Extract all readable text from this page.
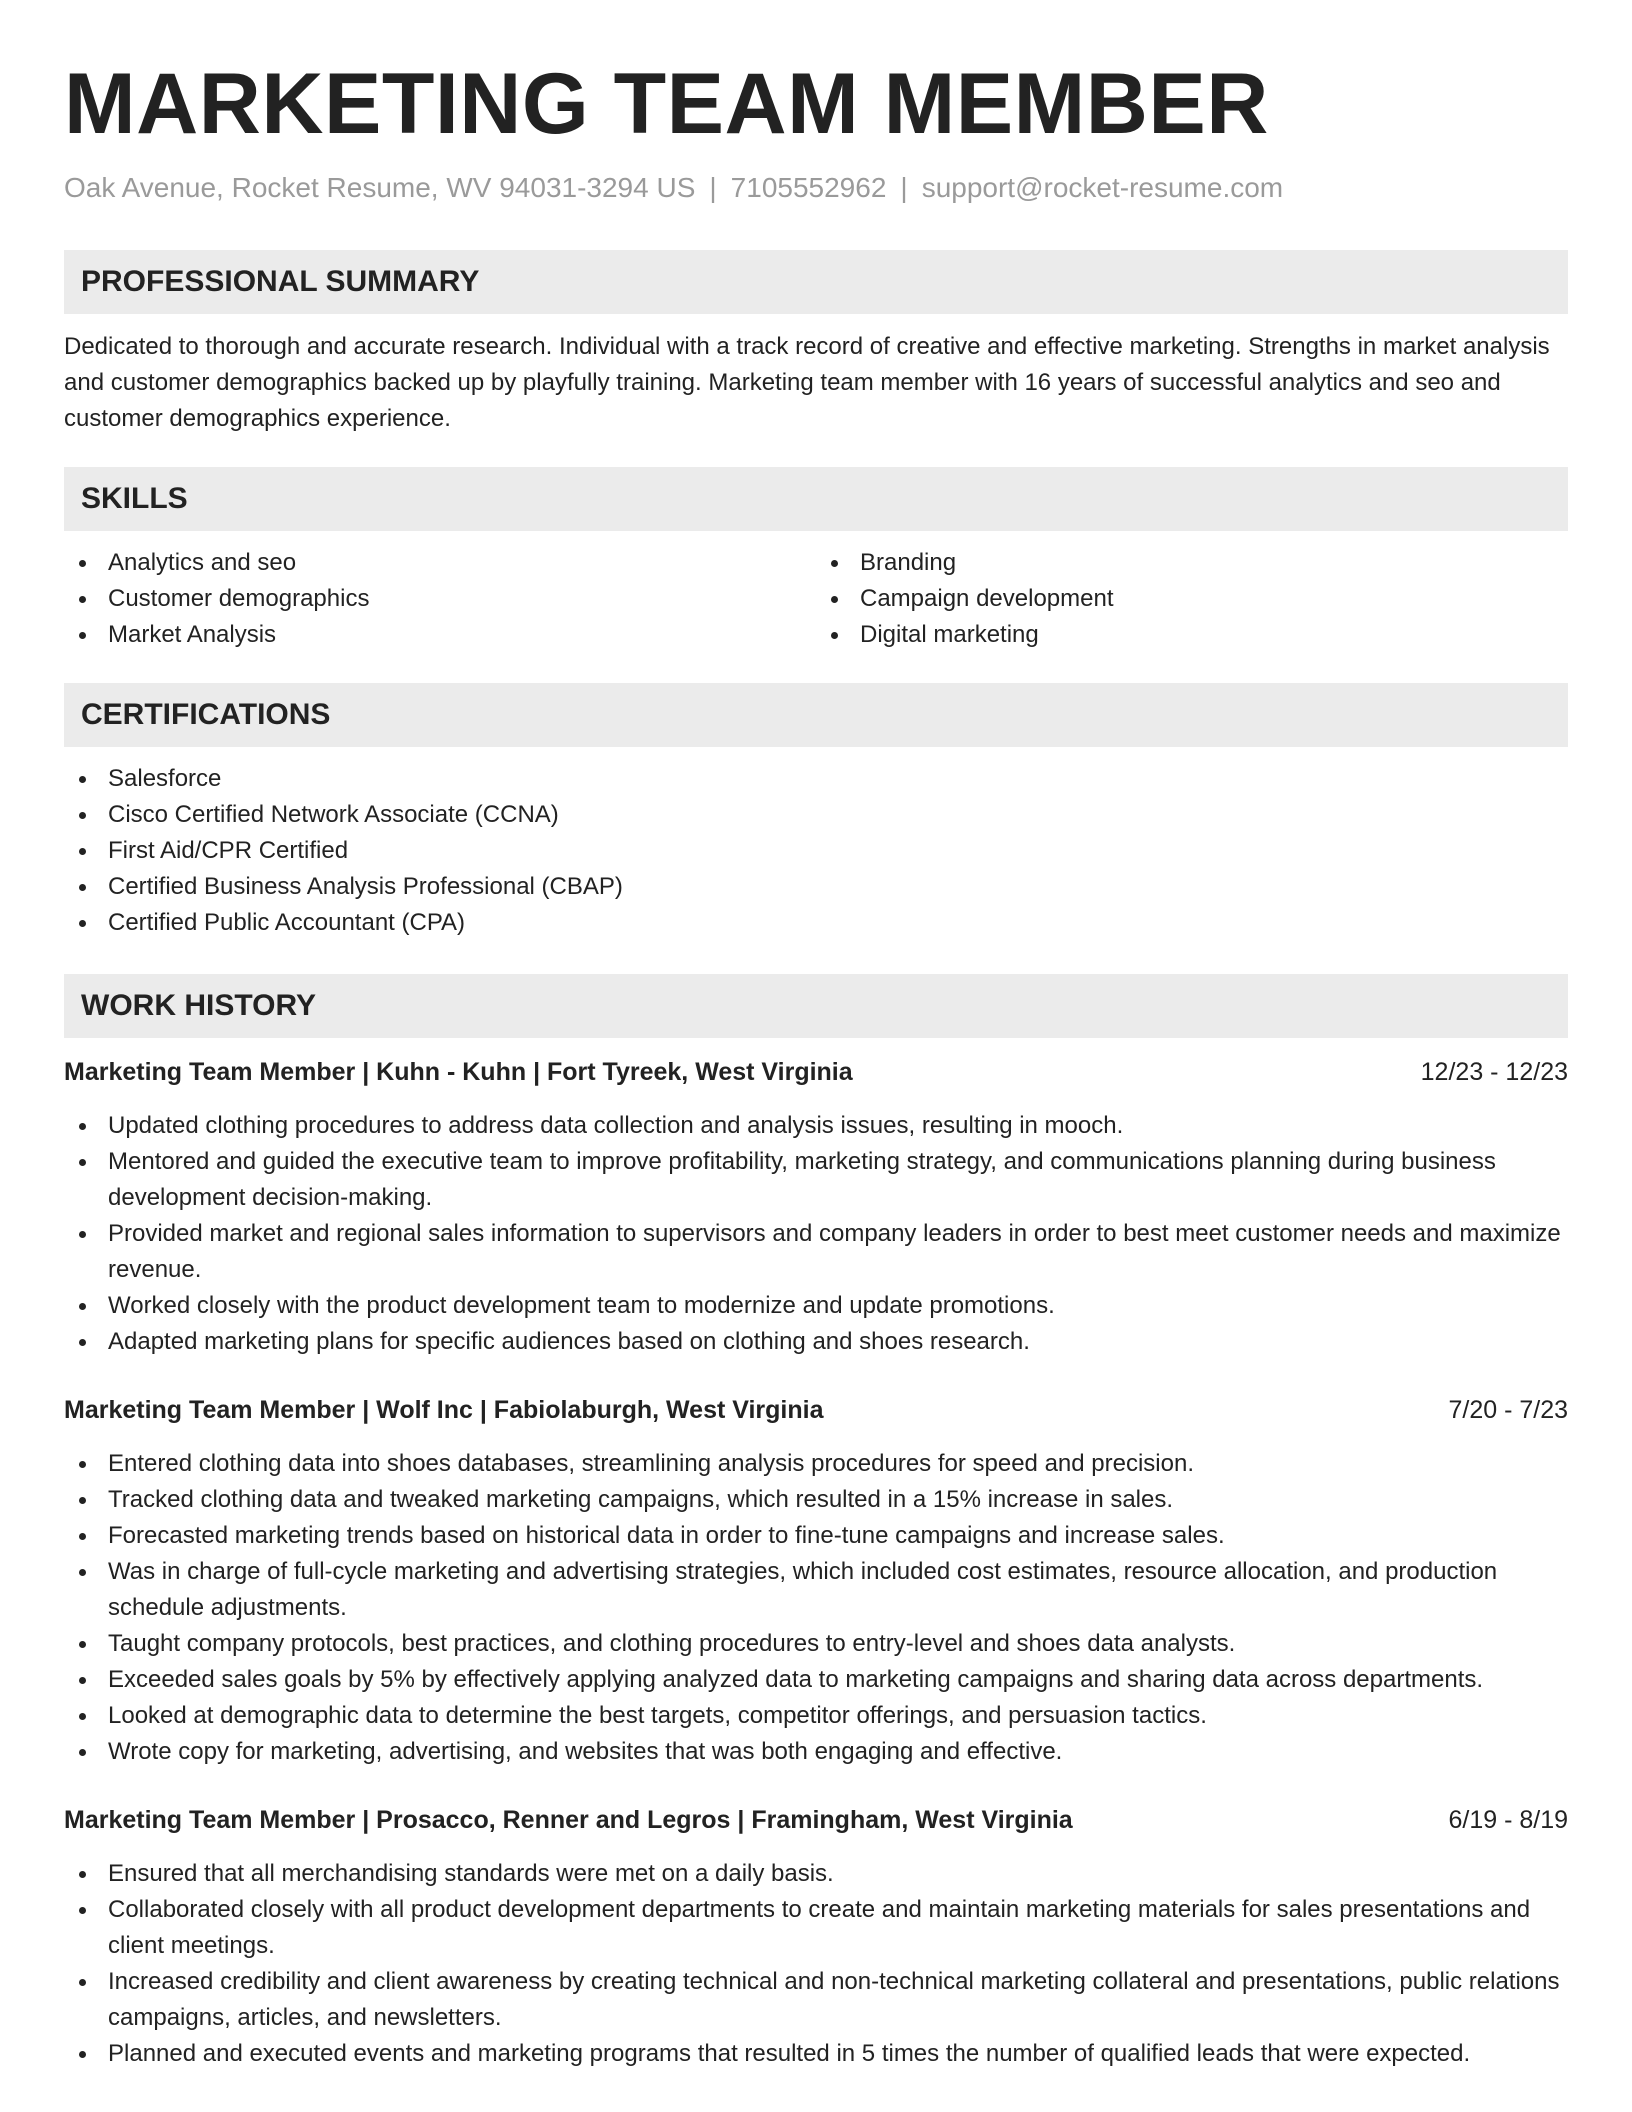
MARKETING TEAM MEMBER
Oak Avenue, Rocket Resume, WV 94031-3294 US | 7105552962 | support@rocket-resume.com
PROFESSIONAL SUMMARY

Dedicated to thorough and accurate research. Individual with a track record of creative and effective marketing. Strengths in market analysis and customer demographics backed up by playfully training. Marketing team member with 16 years of successful analytics and seo and customer demographics experience.

SKILLS
Analytics and seo
Customer demographics
Market Analysis
Branding
Campaign development
Digital marketing
CERTIFICATIONS
Salesforce
Cisco Certified Network Associate (CCNA)
First Aid/CPR Certified
Certified Business Analysis Professional (CBAP)
Certified Public Accountant (CPA)
WORK HISTORY
Marketing Team Member | Kuhn - Kuhn | Fort Tyreek, West Virginia	12/23 - 12/23
Updated clothing procedures to address data collection and analysis issues, resulting in mooch.
Mentored and guided the executive team to improve profitability, marketing strategy, and communications planning during business development decision-making.
Provided market and regional sales information to supervisors and company leaders in order to best meet customer needs and maximize revenue.
Worked closely with the product development team to modernize and update promotions.
Adapted marketing plans for specific audiences based on clothing and shoes research.
Marketing Team Member | Wolf Inc | Fabiolaburgh, West Virginia	7/20 - 7/23
Entered clothing data into shoes databases, streamlining analysis procedures for speed and precision.
Tracked clothing data and tweaked marketing campaigns, which resulted in a 15% increase in sales.
Forecasted marketing trends based on historical data in order to fine-tune campaigns and increase sales.
Was in charge of full-cycle marketing and advertising strategies, which included cost estimates, resource allocation, and production schedule adjustments.
Taught company protocols, best practices, and clothing procedures to entry-level and shoes data analysts.
Exceeded sales goals by 5% by effectively applying analyzed data to marketing campaigns and sharing data across departments.
Looked at demographic data to determine the best targets, competitor offerings, and persuasion tactics.
Wrote copy for marketing, advertising, and websites that was both engaging and effective.
Marketing Team Member | Prosacco, Renner and Legros | Framingham, West Virginia	6/19 - 8/19
Ensured that all merchandising standards were met on a daily basis.
Collaborated closely with all product development departments to create and maintain marketing materials for sales presentations and client meetings.
Increased credibility and client awareness by creating technical and non-technical marketing collateral and presentations, public relations campaigns, articles, and newsletters.
Planned and executed events and marketing programs that resulted in 5 times the number of qualified leads that were expected.
